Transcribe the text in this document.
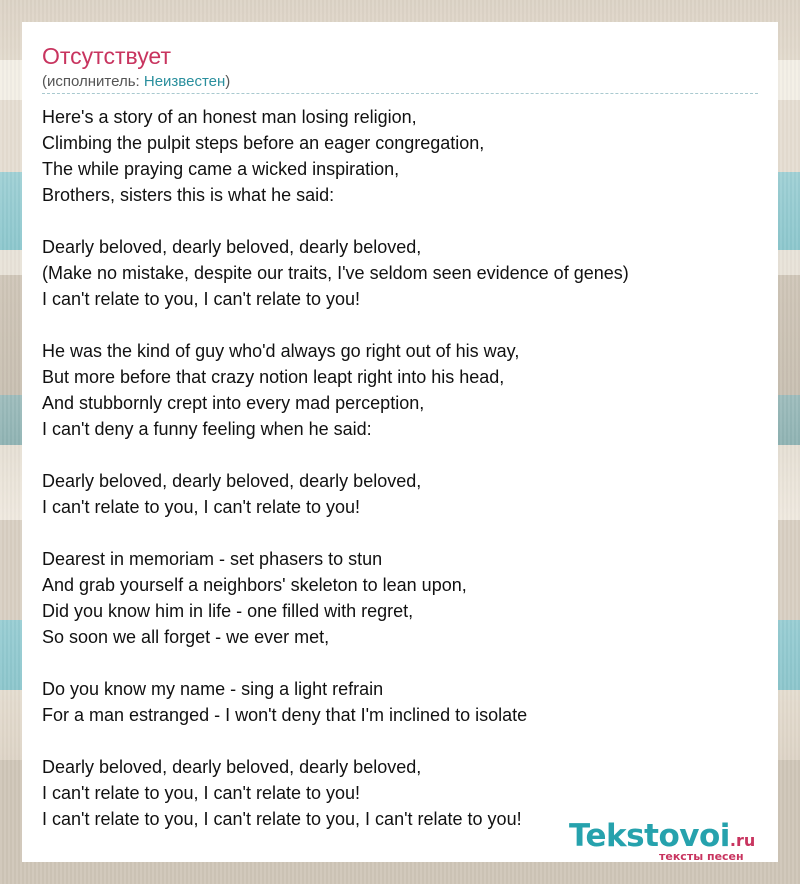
Отсутствует
(исполнитель: Неизвестен)
Here's a story of an honest man losing religion,
Climbing the pulpit steps before an eager congregation,
The while praying came a wicked inspiration,
Brothers, sisters this is what he said:
Dearly beloved, dearly beloved, dearly beloved,
(Make no mistake, despite our traits, I've seldom seen evidence of genes)
I can't relate to you, I can't relate to you!
He was the kind of guy who'd always go right out of his way,
But more before that crazy notion leapt right into his head,
And stubbornly crept into every mad perception,
I can't deny a funny feeling when he said:
Dearly beloved, dearly beloved, dearly beloved,
I can't relate to you, I can't relate to you!
Dearest in memoriam - set phasers to stun
And grab yourself a neighbors' skeleton to lean upon,
Did you know him in life - one filled with regret,
So soon we all forget - we ever met,
Do you know my name - sing a light refrain
For a man estranged - I won't deny that I'm inclined to isolate
Dearly beloved, dearly beloved, dearly beloved,
I can't relate to you, I can't relate to you!
I can't relate to you, I can't relate to you, I can't relate to you!	Tekstovoi.ru
тексты песен
